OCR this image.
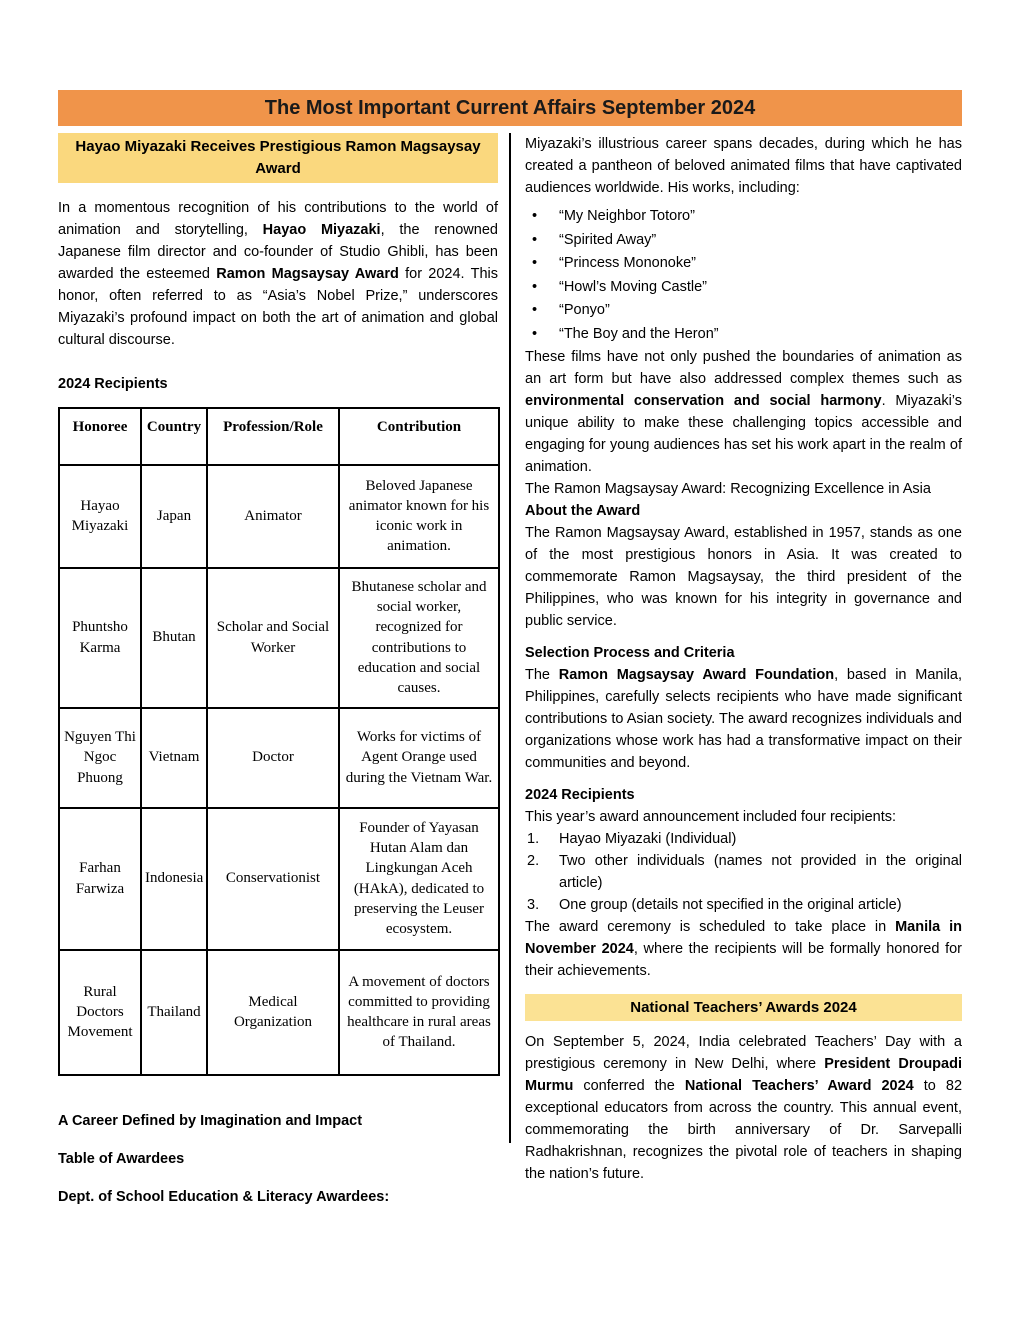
The Most Important Current Affairs September 2024
Hayao Miyazaki Receives Prestigious Ramon Magsaysay Award

In a momentous recognition of his contributions to the world of animation and storytelling, Hayao Miyazaki, the renowned Japanese film director and co-founder of Studio Ghibli, has been awarded the esteemed Ramon Magsaysay Award for 2024. This honor, often referred to as “Asia’s Nobel Prize,” underscores Miyazaki’s profound impact on both the art of animation and global cultural discourse.

2024 Recipients
Honoree	Country	Profession/Role	Contribution
Hayao Miyazaki	Japan	Animator	Beloved Japanese animator known for his iconic work in animation.
Phuntsho Karma	Bhutan	Scholar and Social Worker	Bhutanese scholar and social worker, recognized for contributions to education and social causes.
Nguyen Thi Ngoc Phuong	Vietnam	Doctor	Works for victims of Agent Orange used during the Vietnam War.
Farhan Farwiza	Indonesia	Conservationist	Founder of Yayasan Hutan Alam dan Lingkungan Aceh (HAkA), dedicated to preserving the Leuser ecosystem.
Rural Doctors Movement	Thailand	Medical Organization	A movement of doctors committed to providing healthcare in rural areas of Thailand.
A Career Defined by Imagination and Impact
Table of Awardees
Dept. of School Education & Literacy Awardees:

Miyazaki’s illustrious career spans decades, during which he has created a pantheon of beloved animated films that have captivated audiences worldwide. His works, including:

• “My Neighbor Totoro”
• “Spirited Away”
• “Princess Mononoke”
• “Howl’s Moving Castle”
• “Ponyo”
• “The Boy and the Heron”

These films have not only pushed the boundaries of animation as an art form but have also addressed complex themes such as environmental conservation and social harmony. Miyazaki’s unique ability to make these challenging topics accessible and engaging for young audiences has set his work apart in the realm of animation.

The Ramon Magsaysay Award: Recognizing Excellence in Asia
About the Award

The Ramon Magsaysay Award, established in 1957, stands as one of the most prestigious honors in Asia. It was created to commemorate Ramon Magsaysay, the third president of the Philippines, who was known for his integrity in governance and public service.

Selection Process and Criteria

The Ramon Magsaysay Award Foundation, based in Manila, Philippines, carefully selects recipients who have made significant contributions to Asian society. The award recognizes individuals and organizations whose work has had a transformative impact on their communities and beyond.

2024 Recipients
This year’s award announcement included four recipients:
1.	Hayao Miyazaki (Individual)
2.	Two other individuals (names not provided in the original article)
3.	One group (details not specified in the original article)

The award ceremony is scheduled to take place in Manila in November 2024, where the recipients will be formally honored for their achievements.

National Teachers’ Awards 2024

On September 5, 2024, India celebrated Teachers’ Day with a prestigious ceremony in New Delhi, where President Droupadi Murmu conferred the National Teachers’ Award 2024 to 82 exceptional educators from across the country. This annual event, commemorating the birth anniversary of Dr. Sarvepalli Radhakrishnan, recognizes the pivotal role of teachers in shaping the nation’s future.
